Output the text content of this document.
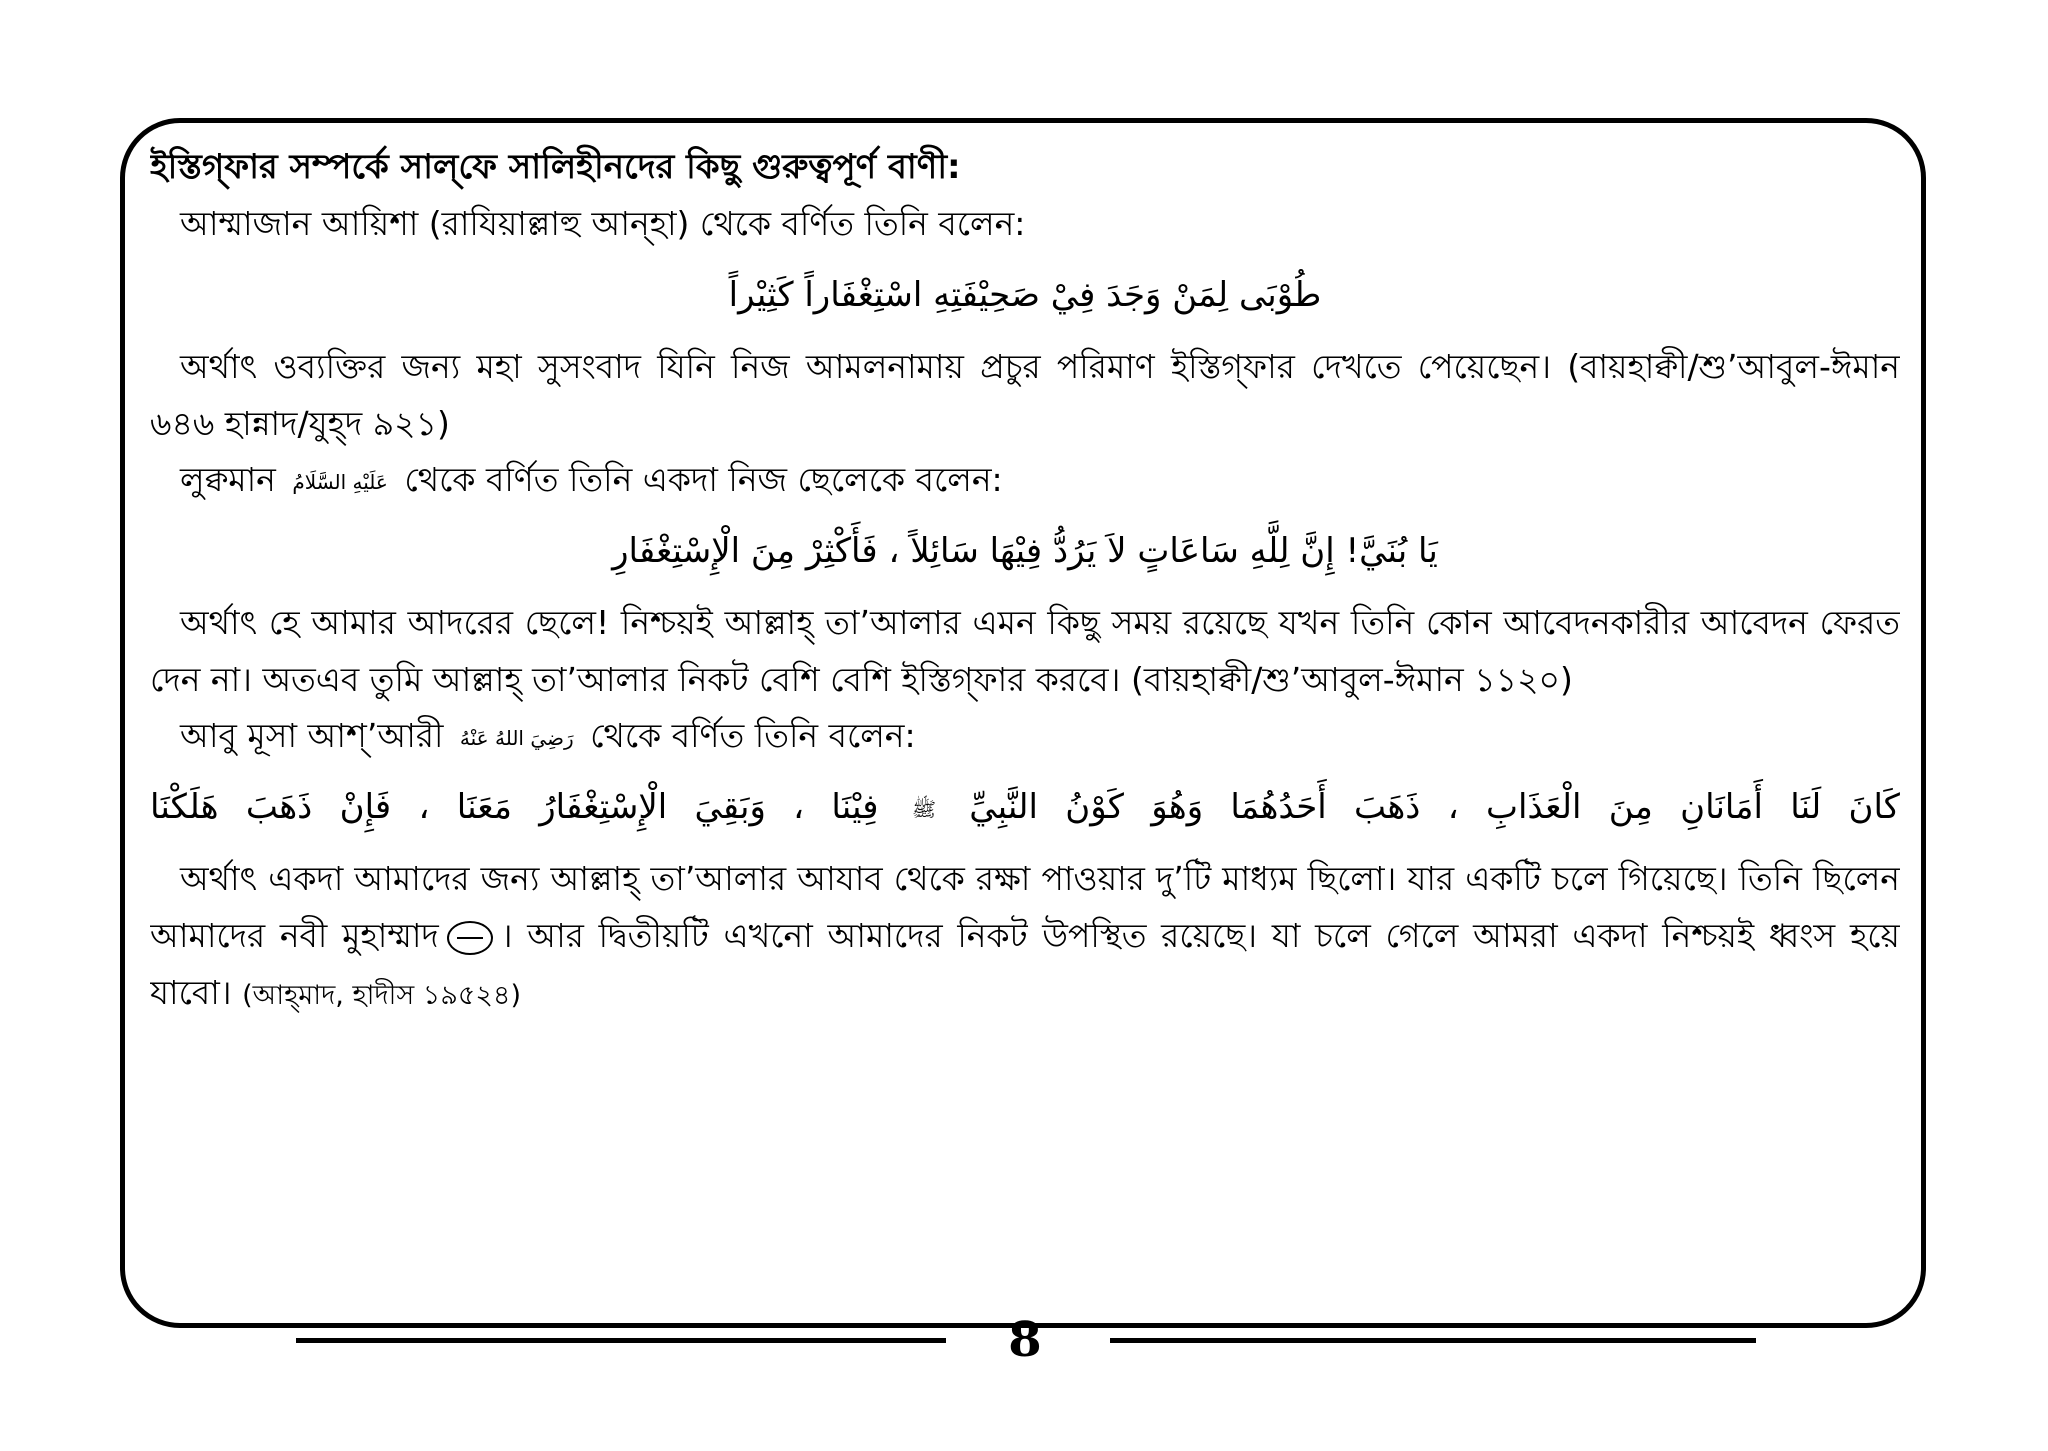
ইস্তিগ্‌ফার সম্পর্কে সাল্‌ফে সালিহীনদের কিছু গুরুত্বপূর্ণ বাণী:

আম্মাজান আয়িশা (রাযিয়াল্লাহু আন্‌হা) থেকে বর্ণিত তিনি বলেন:

طُوْبَى لِمَنْ وَجَدَ فِيْ صَحِيْفَتِهِ اسْتِغْفَاراً كَثِيْراً

অর্থাৎ ওব্যক্তির জন্য মহা সুসংবাদ যিনি নিজ আমলনামায় প্রচুর পরিমাণ ইস্তিগ্‌ফার দেখতে পেয়েছেন। (বায়হাক্বী/শু’আবুল-ঈমান ৬৪৬ হান্নাদ/যুহ্‌দ ৯২১)

লুক্বমান عَلَيْهِ السَّلَامُ থেকে বর্ণিত তিনি একদা নিজ ছেলেকে বলেন:

يَا بُنَيَّ! إِنَّ لِلَّهِ سَاعَاتٍ لاَ يَرُدُّ فِيْهَا سَائِلاً ، فَأَكْثِرْ مِنَ الْإِسْتِغْفَارِ

অর্থাৎ হে আমার আদরের ছেলে! নিশ্চয়ই আল্লাহ্‌ তা’আলার এমন কিছু সময় রয়েছে যখন তিনি কোন আবেদনকারীর আবেদন ফেরত দেন না। অতএব তুমি আল্লাহ্‌ তা’আলার নিকট বেশি বেশি ইস্তিগ্‌ফার করবে। (বায়হাক্বী/শু’আবুল-ঈমান ১১২০)

আবু মূসা আশ্‌’আরী رَضِيَ اللهُ عَنْهُ থেকে বর্ণিত তিনি বলেন:

كَانَ لَنَا أَمَانَانِ مِنَ الْعَذَابِ ، ذَهَبَ أَحَدُهُمَا وَهُوَ كَوْنُ النَّبِيِّ ﷺ فِيْنَا ، وَبَقِيَ الْإِسْتِغْفَارُ مَعَنَا ، فَإِنْ ذَهَبَ هَلَكْنَا

অর্থাৎ একদা আমাদের জন্য আল্লাহ্‌ তা’আলার আযাব থেকে রক্ষা পাওয়ার দু’টি মাধ্যম ছিলো। যার একটি চলে গিয়েছে। তিনি ছিলেন আমাদের নবী মুহাম্মাদ । আর দ্বিতীয়টি এখনো আমাদের নিকট উপস্থিত রয়েছে। যা চলে গেলে আমরা একদা নিশ্চয়ই ধ্বংস হয়ে যাবো। (আহ্‌মাদ, হাদীস ১৯৫২৪)

8
